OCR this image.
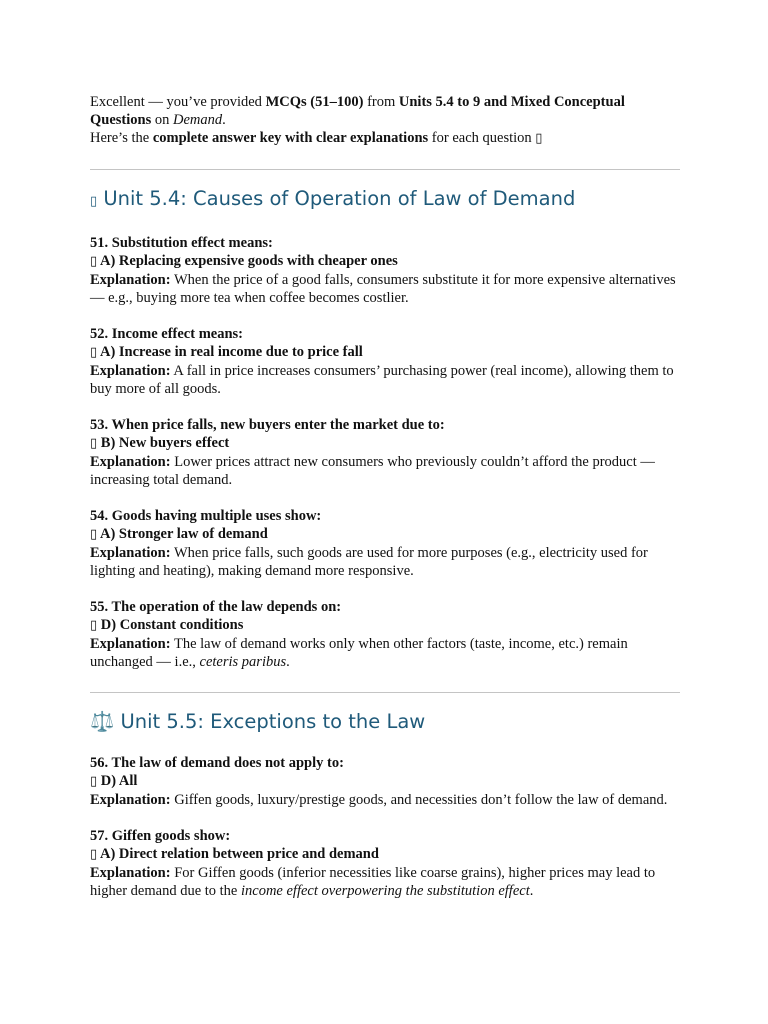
Excellent — you’ve provided MCQs (51–100) from Units 5.4 to 9 and Mixed Conceptual Questions on Demand.

Here’s the complete answer key with clear explanations for each question ▯

▯ Unit 5.4: Causes of Operation of Law of Demand

51. Substitution effect means:

▯ A) Replacing expensive goods with cheaper ones

Explanation: When the price of a good falls, consumers substitute it for more expensive alternatives — e.g., buying more tea when coffee becomes costlier.

52. Income effect means:

▯ A) Increase in real income due to price fall

Explanation: A fall in price increases consumers’ purchasing power (real income), allowing them to buy more of all goods.

53. When price falls, new buyers enter the market due to:

▯ B) New buyers effect

Explanation: Lower prices attract new consumers who previously couldn’t afford the product — increasing total demand.

54. Goods having multiple uses show:

▯ A) Stronger law of demand

Explanation: When price falls, such goods are used for more purposes (e.g., electricity used for lighting and heating), making demand more responsive.

55. The operation of the law depends on:

▯ D) Constant conditions

Explanation: The law of demand works only when other factors (taste, income, etc.) remain unchanged — i.e., ceteris paribus.

⚖️ Unit 5.5: Exceptions to the Law

56. The law of demand does not apply to:

▯ D) All

Explanation: Giffen goods, luxury/prestige goods, and necessities don’t follow the law of demand.

57. Giffen goods show:

▯ A) Direct relation between price and demand

Explanation: For Giffen goods (inferior necessities like coarse grains), higher prices may lead to higher demand due to the income effect overpowering the substitution effect.
